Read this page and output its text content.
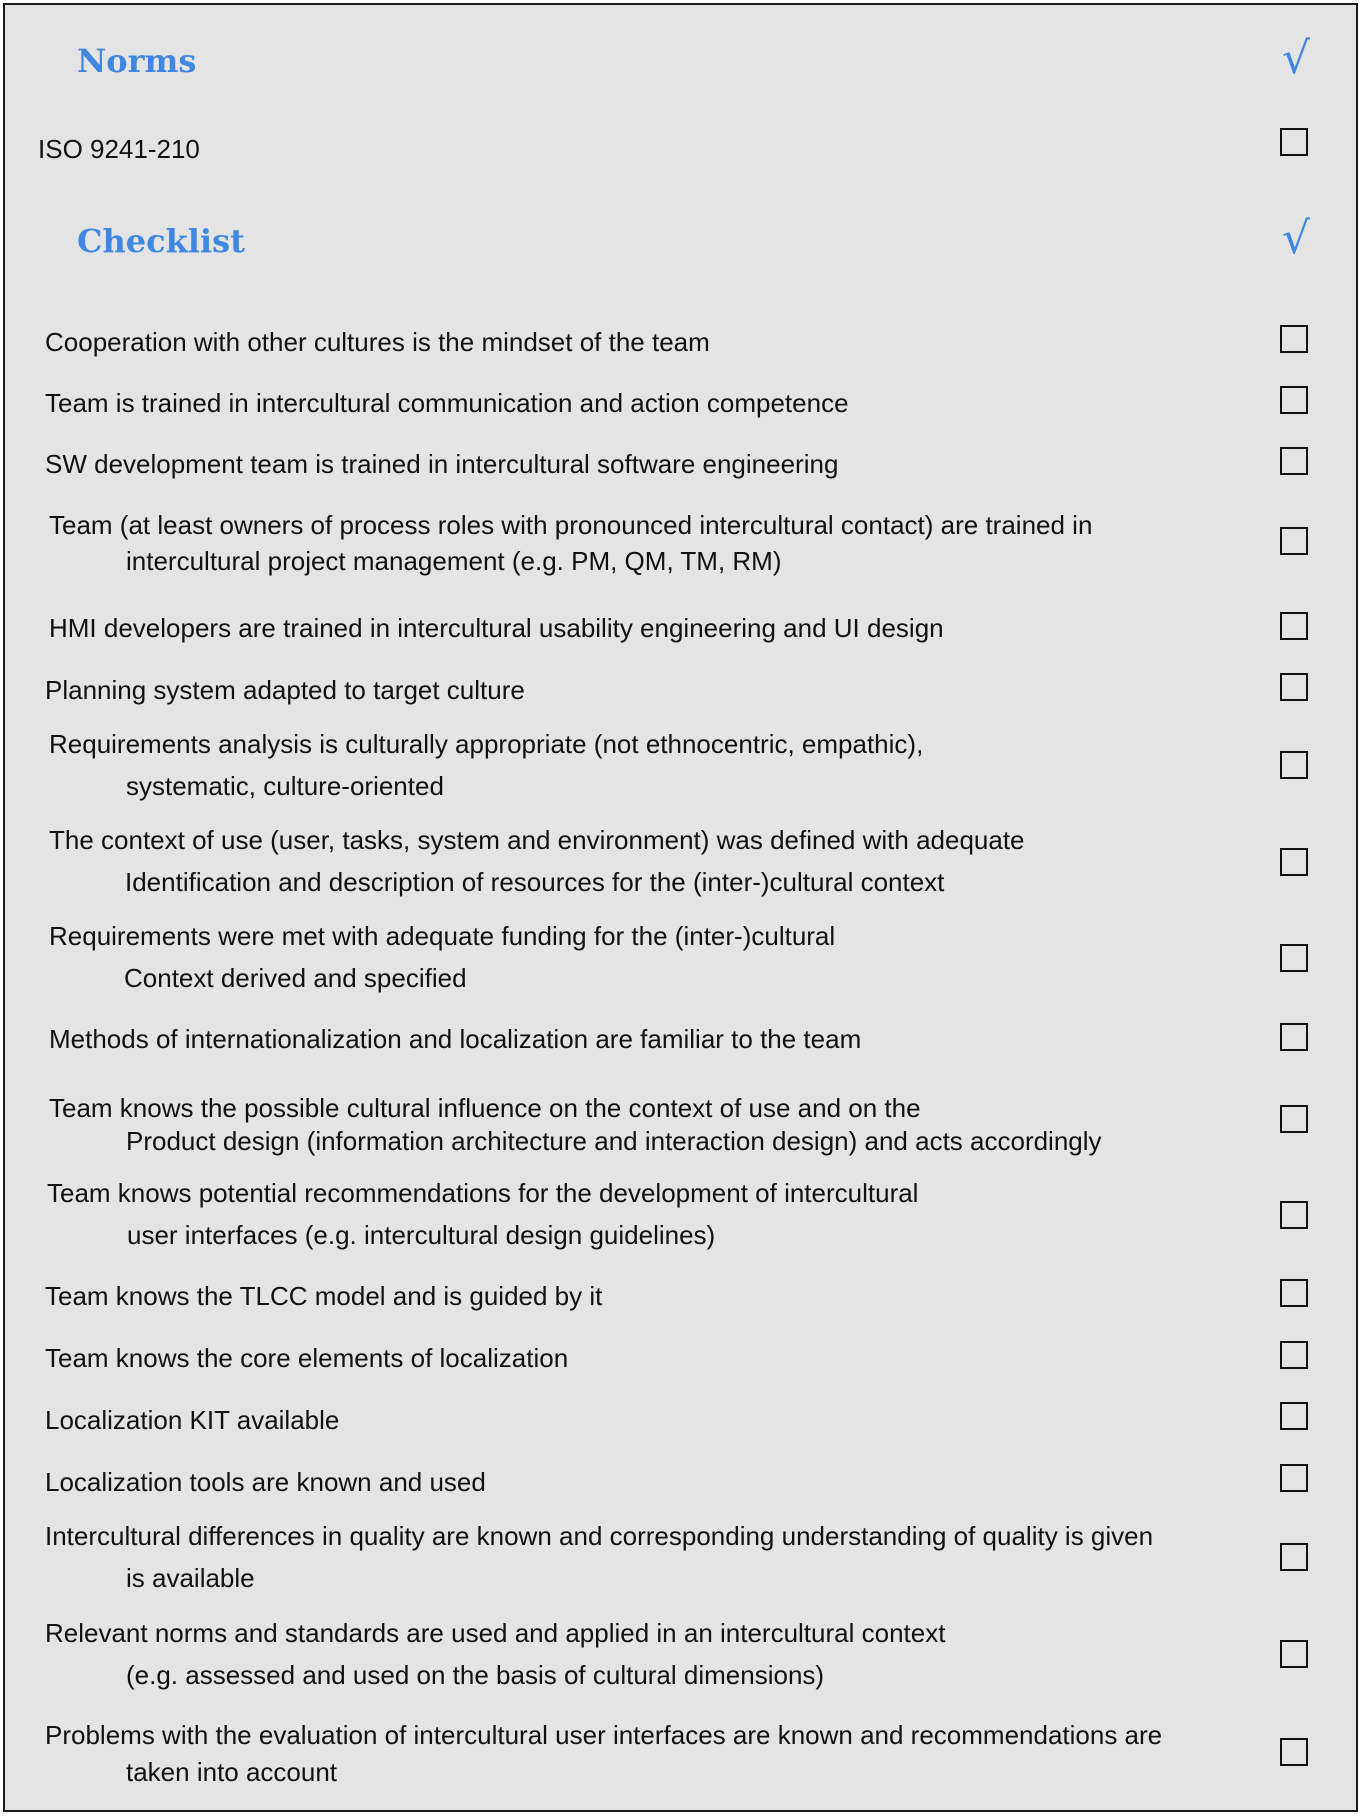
Norms	√
ISO 9241-210
Checklist	√
Cooperation with other cultures is the mindset of the team
Team is trained in intercultural communication and action competence
SW development team is trained in intercultural software engineering
Team (at least owners of process roles with pronounced intercultural contact) are trained in
intercultural project management (e.g. PM, QM, TM, RM)
HMI developers are trained in intercultural usability engineering and UI design
Planning system adapted to target culture
Requirements analysis is culturally appropriate (not ethnocentric, empathic),
systematic, culture-oriented
The context of use (user, tasks, system and environment) was defined with adequate
Identification and description of resources for the (inter-)cultural context
Requirements were met with adequate funding for the (inter-)cultural
Context derived and specified
Methods of internationalization and localization are familiar to the team
Team knows the possible cultural influence on the context of use and on the
Product design (information architecture and interaction design) and acts accordingly
Team knows potential recommendations for the development of intercultural
user interfaces (e.g. intercultural design guidelines)
Team knows the TLCC model and is guided by it
Team knows the core elements of localization
Localization KIT available
Localization tools are known and used
Intercultural differences in quality are known and corresponding understanding of quality is given
is available
Relevant norms and standards are used and applied in an intercultural context
(e.g. assessed and used on the basis of cultural dimensions)
Problems with the evaluation of intercultural user interfaces are known and recommendations are
taken into account
